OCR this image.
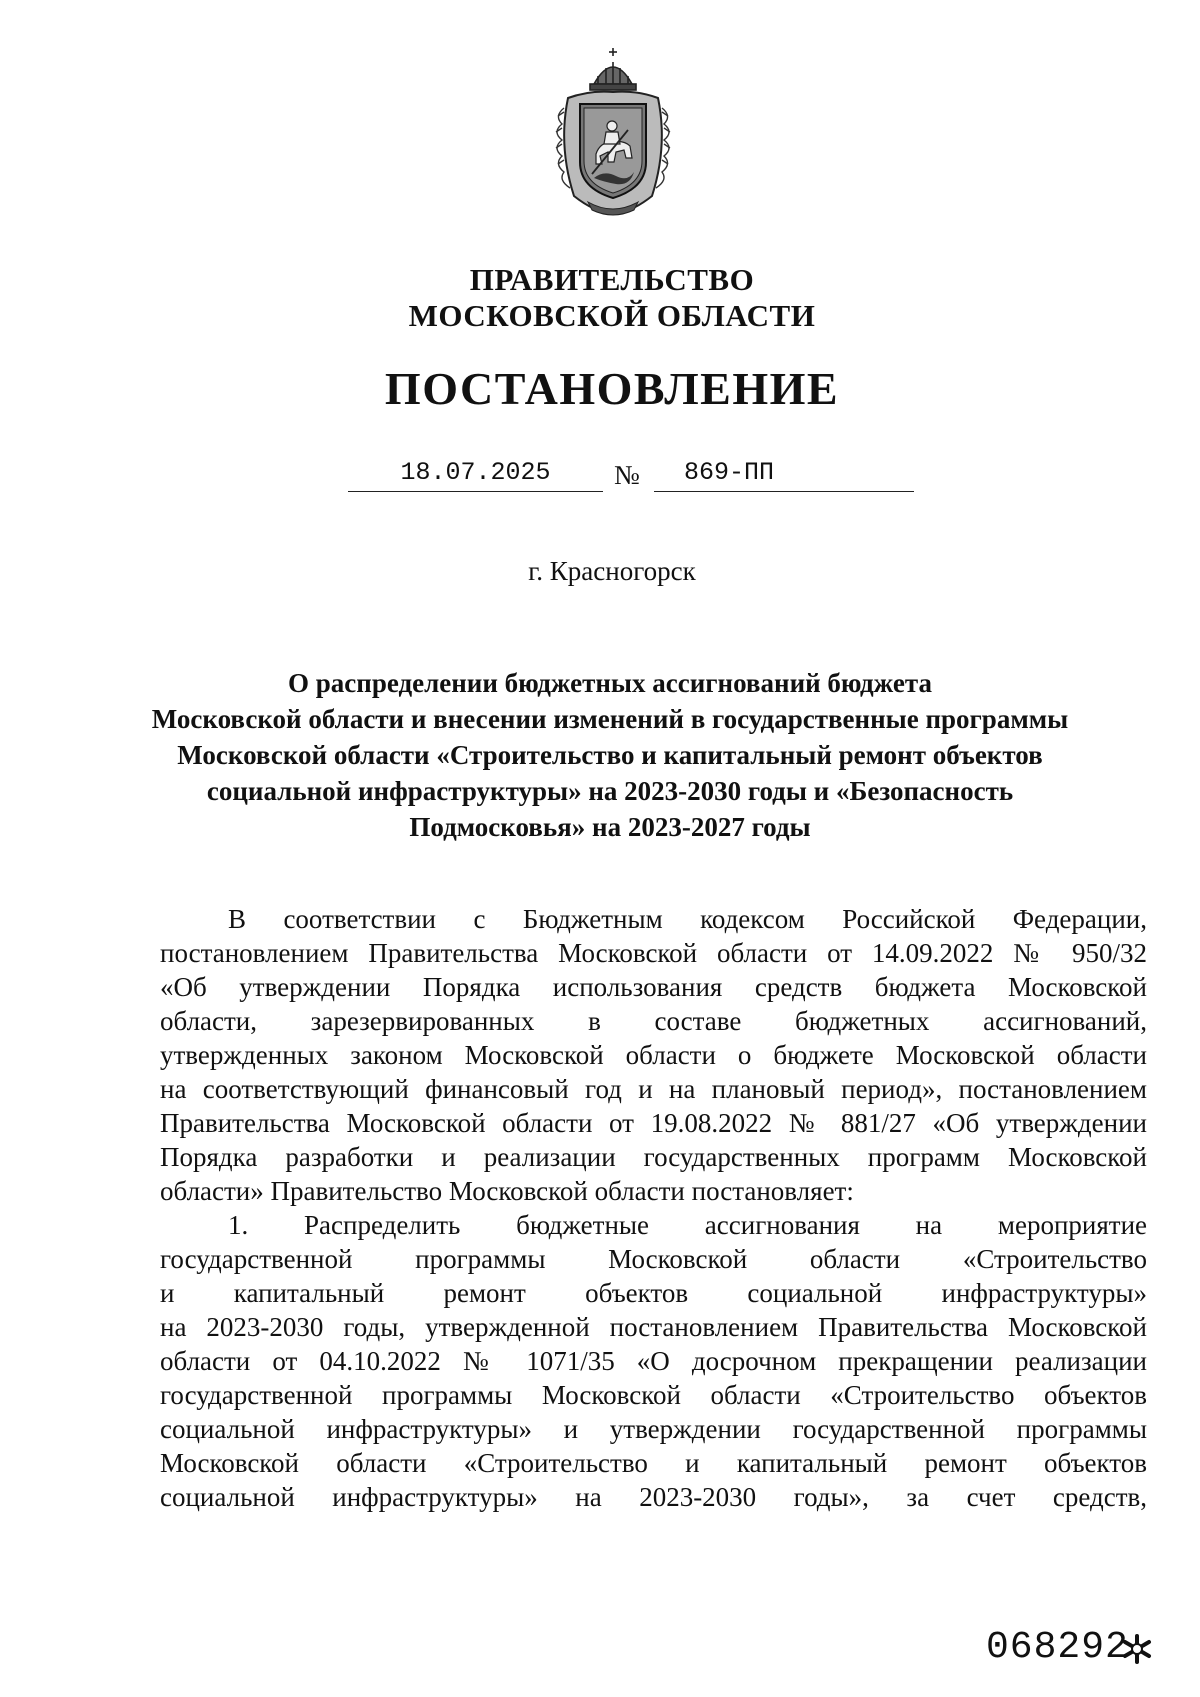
ПРАВИТЕЛЬСТВО
МОСКОВСКОЙ ОБЛАСТИ
ПОСТАНОВЛЕНИЕ
18.07.2025	№	869-ПП
г. Красногорск
О распределении бюджетных ассигнований бюджета
Московской области и внесении изменений в государственные программы
Московской области «Строительство и капитальный ремонт объектов
социальной инфраструктуры» на 2023-2030 годы и «Безопасность
Подмосковья» на 2023-2027 годы
В соответствии с Бюджетным кодексом Российской Федерации,
постановлением Правительства Московской области от 14.09.2022 № 950/32
«Об утверждении Порядка использования средств бюджета Московской
области, зарезервированных в составе бюджетных ассигнований,
утвержденных законом Московской области о бюджете Московской области
на соответствующий финансовый год и на плановый период», постановлением
Правительства Московской области от 19.08.2022 № 881/27 «Об утверждении
Порядка разработки и реализации государственных программ Московской
области» Правительство Московской области постановляет:
1. Распределить бюджетные ассигнования на мероприятие
государственной программы Московской области «Строительство
и капитальный ремонт объектов социальной инфраструктуры»
на 2023-2030 годы, утвержденной постановлением Правительства Московской
области от 04.10.2022 № 1071/35 «О досрочном прекращении реализации
государственной программы Московской области «Строительство объектов
социальной инфраструктуры» и утверждении государственной программы
Московской области «Строительство и капитальный ремонт объектов
социальной инфраструктуры» на 2023-2030 годы», за счет средств,
068292
